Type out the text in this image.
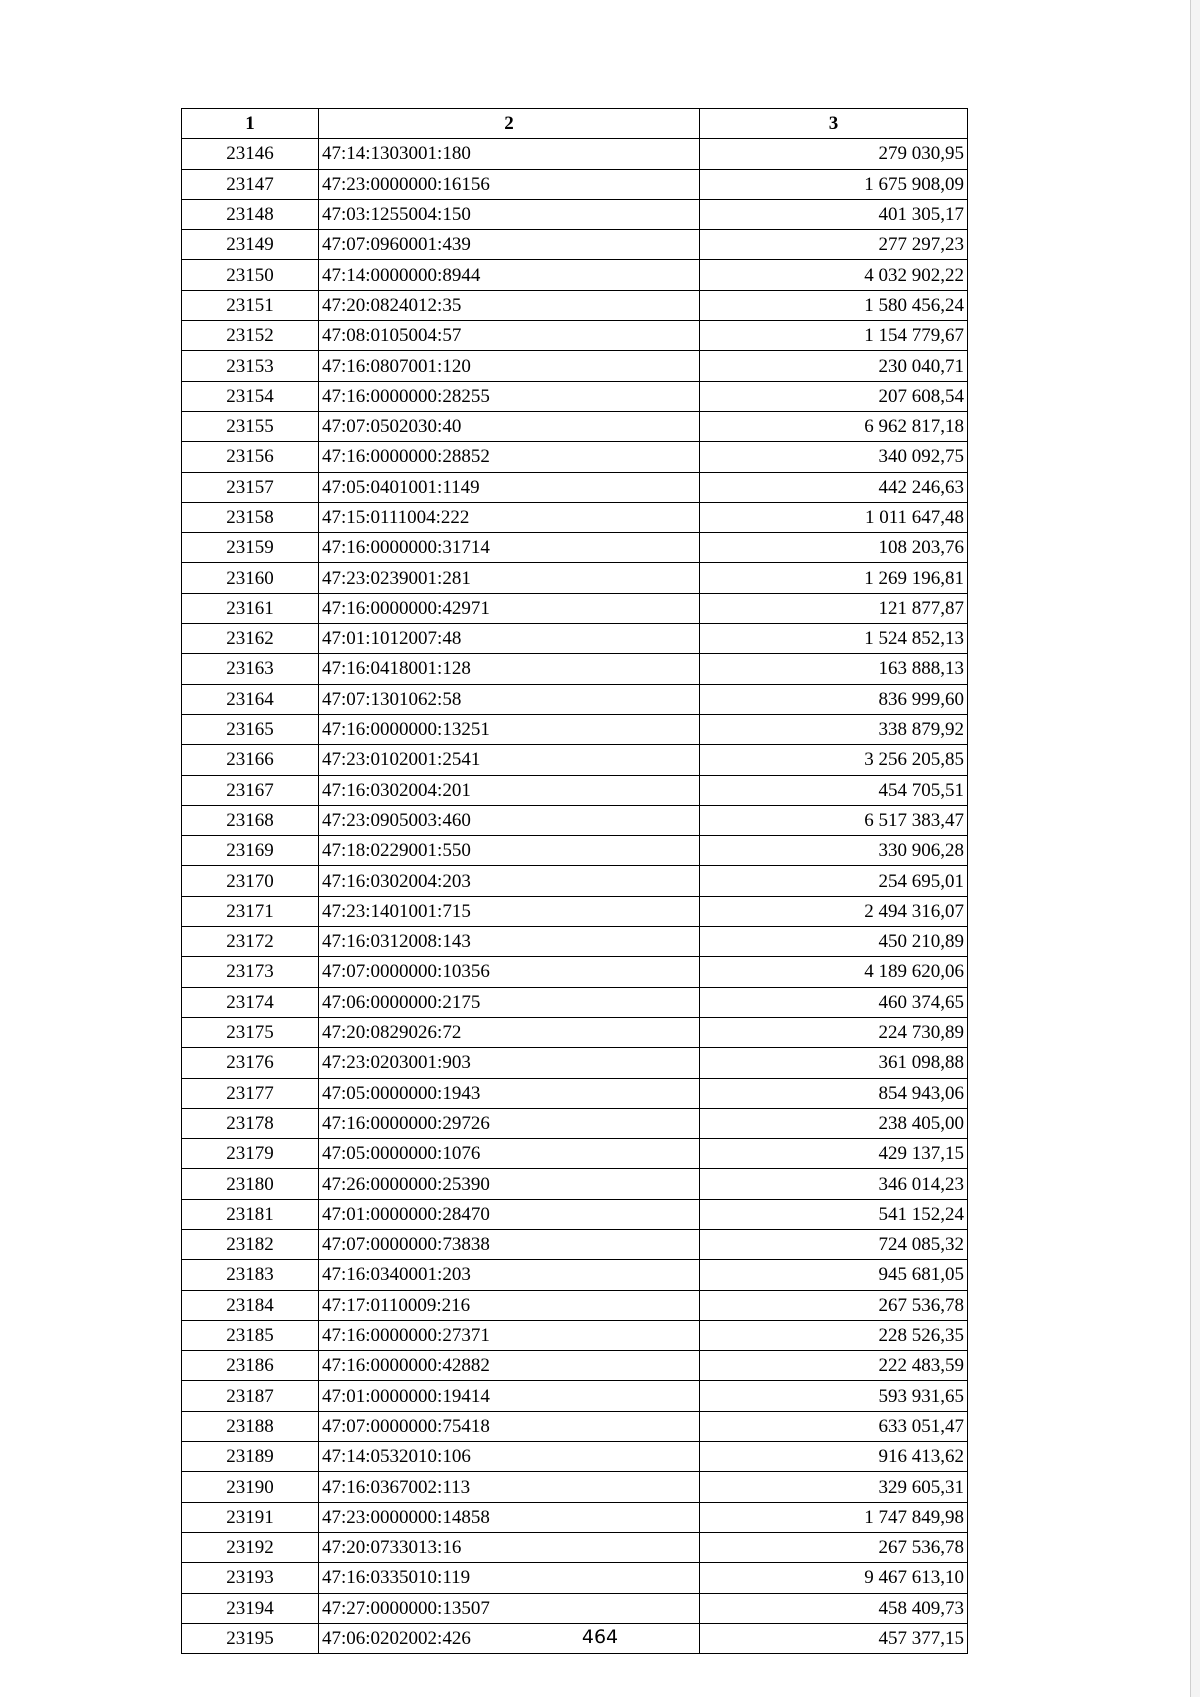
1	2	3
23146	47:14:1303001:180	279 030,95
23147	47:23:0000000:16156	1 675 908,09
23148	47:03:1255004:150	401 305,17
23149	47:07:0960001:439	277 297,23
23150	47:14:0000000:8944	4 032 902,22
23151	47:20:0824012:35	1 580 456,24
23152	47:08:0105004:57	1 154 779,67
23153	47:16:0807001:120	230 040,71
23154	47:16:0000000:28255	207 608,54
23155	47:07:0502030:40	6 962 817,18
23156	47:16:0000000:28852	340 092,75
23157	47:05:0401001:1149	442 246,63
23158	47:15:0111004:222	1 011 647,48
23159	47:16:0000000:31714	108 203,76
23160	47:23:0239001:281	1 269 196,81
23161	47:16:0000000:42971	121 877,87
23162	47:01:1012007:48	1 524 852,13
23163	47:16:0418001:128	163 888,13
23164	47:07:1301062:58	836 999,60
23165	47:16:0000000:13251	338 879,92
23166	47:23:0102001:2541	3 256 205,85
23167	47:16:0302004:201	454 705,51
23168	47:23:0905003:460	6 517 383,47
23169	47:18:0229001:550	330 906,28
23170	47:16:0302004:203	254 695,01
23171	47:23:1401001:715	2 494 316,07
23172	47:16:0312008:143	450 210,89
23173	47:07:0000000:10356	4 189 620,06
23174	47:06:0000000:2175	460 374,65
23175	47:20:0829026:72	224 730,89
23176	47:23:0203001:903	361 098,88
23177	47:05:0000000:1943	854 943,06
23178	47:16:0000000:29726	238 405,00
23179	47:05:0000000:1076	429 137,15
23180	47:26:0000000:25390	346 014,23
23181	47:01:0000000:28470	541 152,24
23182	47:07:0000000:73838	724 085,32
23183	47:16:0340001:203	945 681,05
23184	47:17:0110009:216	267 536,78
23185	47:16:0000000:27371	228 526,35
23186	47:16:0000000:42882	222 483,59
23187	47:01:0000000:19414	593 931,65
23188	47:07:0000000:75418	633 051,47
23189	47:14:0532010:106	916 413,62
23190	47:16:0367002:113	329 605,31
23191	47:23:0000000:14858	1 747 849,98
23192	47:20:0733013:16	267 536,78
23193	47:16:0335010:119	9 467 613,10
23194	47:27:0000000:13507	458 409,73
23195	47:06:0202002:426	457 377,15
464
